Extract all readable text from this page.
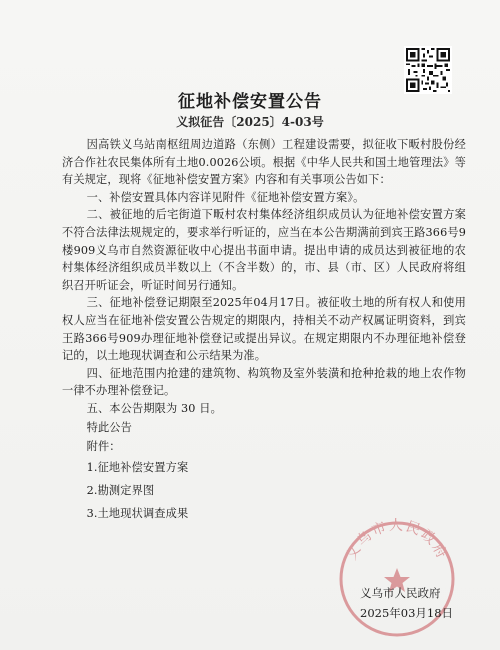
征地补偿安置公告
义拟征告〔2025〕4-03号

因高铁义乌站南枢纽周边道路（东侧）工程建设需要，拟征收下畈村股份经济合作社农民集体所有土地0.0026公顷。根据《中华人民共和国土地管理法》等有关规定，现将《征地补偿安置方案》内容和有关事项公告如下：

一、补偿安置具体内容详见附件《征地补偿安置方案》。

二、被征地的后宅街道下畈村农村集体经济组织成员认为征地补偿安置方案不符合法律法规规定的，要求举行听证的，应当在本公告期满前到宾王路366号9楼909义乌市自然资源征收中心提出书面申请。提出申请的成员达到被征地的农村集体经济组织成员半数以上（不含半数）的，市、县（市、区）人民政府将组织召开听证会，听证时间另行通知。

三、征地补偿登记期限至2025年04月17日。被征收土地的所有权人和使用权人应当在征地补偿安置公告规定的期限内，持相关不动产权属证明资料，到宾王路366号909办理征地补偿登记或提出异议。在规定期限内不办理征地补偿登记的，以土地现状调查和公示结果为准。

四、征地范围内抢建的建筑物、构筑物及室外装潢和抢种抢栽的地上农作物一律不办理补偿登记。

五、本公告期限为 30 日。

特此公告

附件：

1.征地补偿安置方案
2.勘测定界图
3.土地现状调查成果
义乌市人民政府
义乌市人民政府
2025年03月18日
